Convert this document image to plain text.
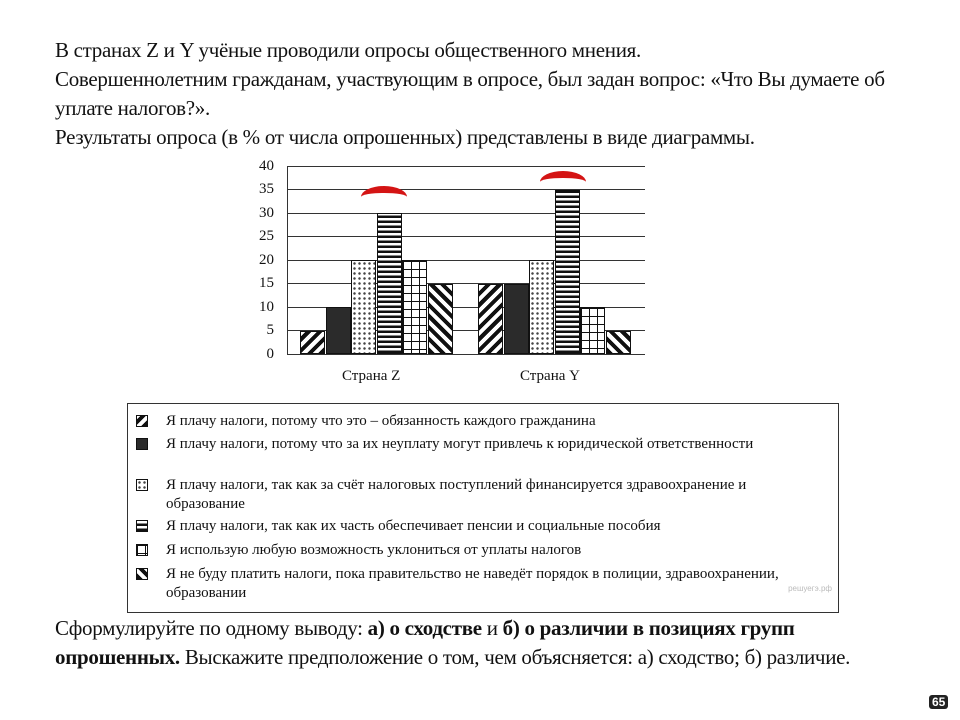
В странах Z и Y учёные проводили опросы общественного мнения.

Совершеннолетним гражданам, участвующим в опросе, был задан вопрос: «Что Вы думаете об уплате налогов?».

Результаты опроса (в % от числа опрошенных) представлены в виде диаграммы.

40
35
30
25
20
15
10
5
0
Страна Z	Страна Y
Я плачу налоги, потому что это – обязанность каждого гражданина
Я плачу налоги, потому что за их неуплату могут привлечь к юридической ответственности
Я плачу налоги, так как за счёт налоговых поступлений финансируется здравоохранение и образование
Я плачу налоги, так как их часть обеспечивает пенсии и социальные пособия
Я использую любую возможность уклониться от уплаты налогов
Я не буду платить налоги, пока правительство не наведёт порядок в полиции, здравоохранении, образовании	решуегэ.рф
Сформулируйте по одному выводу: а) о сходстве и б) о различии в позициях групп опрошенных. Выскажите предположение о том, чем объясняется: а) сходство; б) различие.
65
